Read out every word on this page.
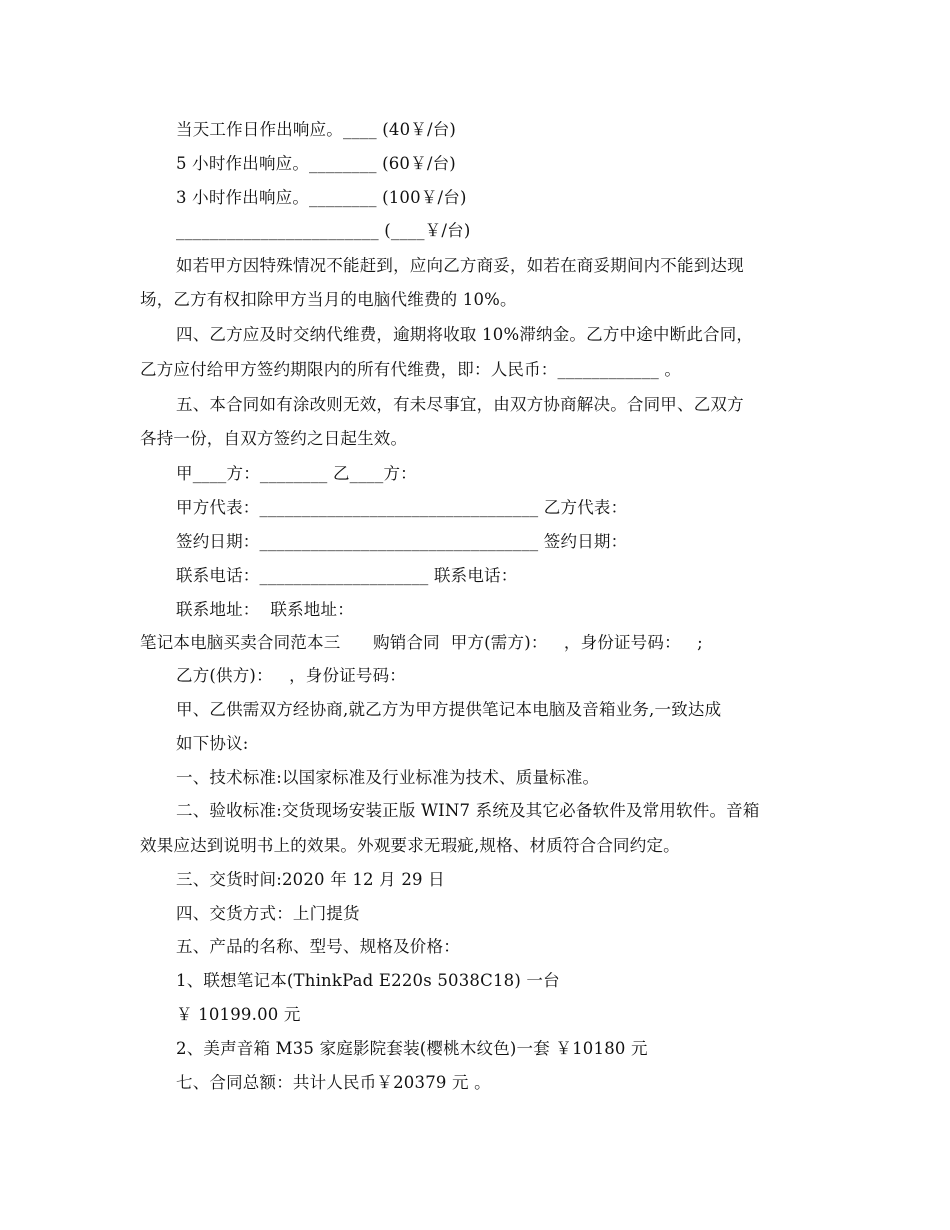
当天工作日作出响应。____ (40￥/台)
5 小时作出响应。________ (60￥/台)
3 小时作出响应。________ (100￥/台)
________________________ (____￥/台)
如若甲方因特殊情况不能赶到，应向乙方商妥，如若在商妥期间内不能到达现
场，乙方有权扣除甲方当月的电脑代维费的 10%。
四、乙方应及时交纳代维费，逾期将收取 10%滞纳金。乙方中途中断此合同，
乙方应付给甲方签约期限内的所有代维费，即：人民币：____________ 。
五、本合同如有涂改则无效，有未尽事宜，由双方协商解决。合同甲、乙双方
各持一份，自双方签约之日起生效。
甲____方：________ 乙____方：
甲方代表：_________________________________ 乙方代表：
签约日期：_________________________________ 签约日期：
联系电话：____________________ 联系电话：
联系地址：  联系地址：
笔记本电脑买卖合同范本三      购销合同  甲方(需方)：   ，身份证号码：   ;
乙方(供方)：   ，身份证号码：
甲、乙供需双方经协商,就乙方为甲方提供笔记本电脑及音箱业务,一致达成
如下协议:
一、技术标准:以国家标准及行业标准为技术、质量标准。
二、验收标准:交货现场安装正版 WIN7 系统及其它必备软件及常用软件。音箱
效果应达到说明书上的效果。外观要求无瑕疵,规格、材质符合合同约定。
三、交货时间:2020 年 12 月 29 日
四、交货方式：上门提货
五、产品的名称、型号、规格及价格：
1、联想笔记本(ThinkPad E220s 5038C18) 一台
￥ 10199.00 元
2、美声音箱 M35 家庭影院套装(樱桃木纹色)一套 ￥10180 元
七、合同总额：共计人民币￥20379 元 。
